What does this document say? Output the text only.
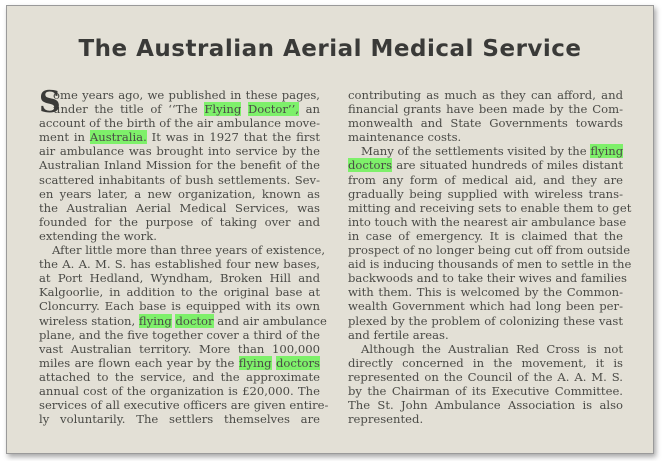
The Australian Aerial Medical Service
S
ome years ago, we published in these pages,
under the title of ‘‘The Flying Doctor’’, an
account of the birth of the air ambulance move-
ment in Australia. It was in 1927 that the first
air ambulance was brought into service by the
Australian Inland Mission for the benefit of the
scattered inhabitants of bush settlements. Sev-
en years later, a new organization, known as
the Australian Aerial Medical Services, was
founded for the purpose of taking over and
extending the work.
After little more than three years of existence,
the A. A. M. S. has established four new bases,
at Port Hedland, Wyndham, Broken Hill and
Kalgoorlie, in addition to the original base at
Cloncurry. Each base is equipped with its own
wireless station, flying doctor and air ambulance
plane, and the five together cover a third of the
vast Australian territory. More than 100,000
miles are flown each year by the flying doctors
attached to the service, and the approximate
annual cost of the organization is £20,000. The
services of all executive officers are given entire-
ly voluntarily. The settlers themselves are
contributing as much as they can afford, and
financial grants have been made by the Com-
monwealth and State Governments towards
maintenance costs.
Many of the settlements visited by the flying
doctors are situated hundreds of miles distant
from any form of medical aid, and they are
gradually being supplied with wireless trans-
mitting and receiving sets to enable them to get
into touch with the nearest air ambulance base
in case of emergency. It is claimed that the
prospect of no longer being cut off from outside
aid is inducing thousands of men to settle in the
backwoods and to take their wives and families
with them. This is welcomed by the Common-
wealth Government which had long been per-
plexed by the problem of colonizing these vast
and fertile areas.
Although the Australian Red Cross is not
directly concerned in the movement, it is
represented on the Council of the A. A. M. S.
by the Chairman of its Executive Committee.
The St. John Ambulance Association is also
represented.
